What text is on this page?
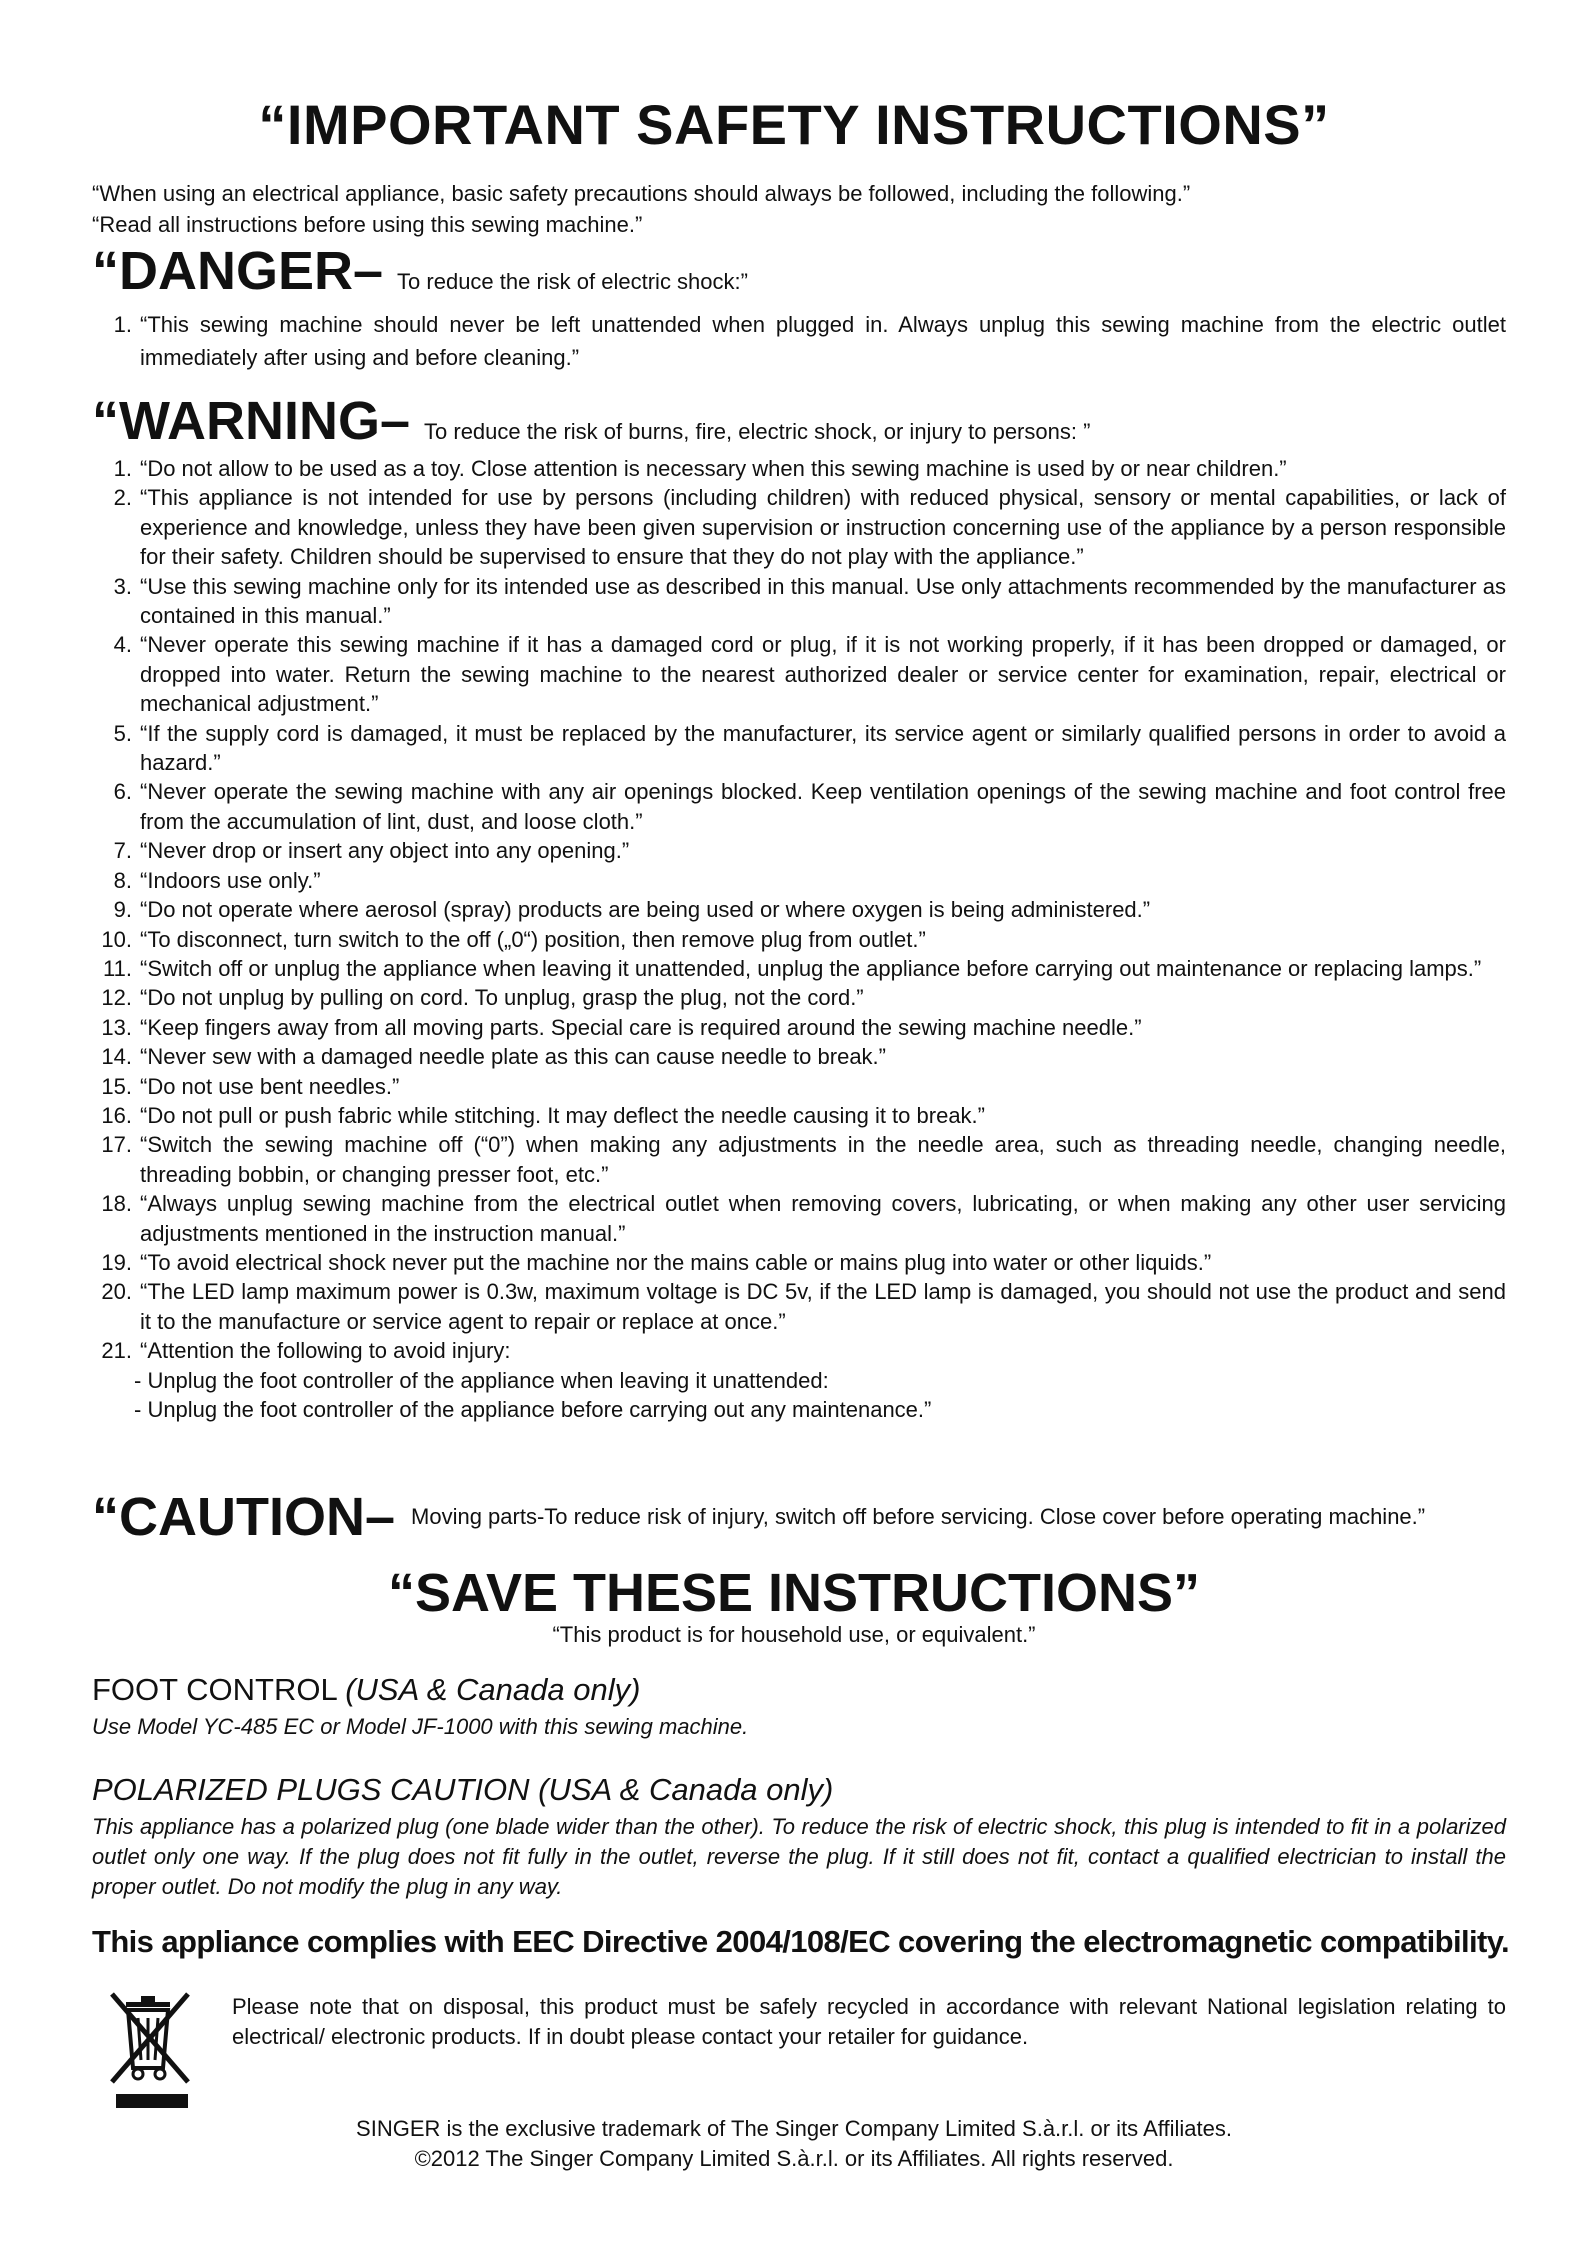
“IMPORTANT SAFETY INSTRUCTIONS”
“When using an electrical appliance, basic safety precautions should always be followed, including the following.”
“Read all instructions before using this sewing machine.”
“DANGER– To reduce the risk of electric shock:”
1. “This sewing machine should never be left unattended when plugged in. Always unplug this sewing machine from the electric outlet immediately after using and before cleaning.”
“WARNING– To reduce the risk of burns, fire, electric shock, or injury to persons: ”
1. “Do not allow to be used as a toy. Close attention is necessary when this sewing machine is used by or near children.”
2. “This appliance is not intended for use by persons (including children) with reduced physical, sensory or mental capabilities, or lack of experience and knowledge, unless they have been given supervision or instruction concerning use of the appliance by a person responsible for their safety. Children should be supervised to ensure that they do not play with the appliance.”
3. “Use this sewing machine only for its intended use as described in this manual. Use only attachments recommended by the manufacturer as contained in this manual.”
4. “Never operate this sewing machine if it has a damaged cord or plug, if it is not working properly, if it has been dropped or damaged, or dropped into water. Return the sewing machine to the nearest authorized dealer or service center for examination, repair, electrical or mechanical adjustment.”
5. “If the supply cord is damaged, it must be replaced by the manufacturer, its service agent or similarly qualified persons in order to avoid a hazard.”
6. “Never operate the sewing machine with any air openings blocked. Keep ventilation openings of the sewing machine and foot control free from the accumulation of lint, dust, and loose cloth.”
7. “Never drop or insert any object into any opening.”
8. “Indoors use only.”
9. “Do not operate where aerosol (spray) products are being used or where oxygen is being administered.”
10. “To disconnect, turn switch to the off („0“) position, then remove plug from outlet.”
11. “Switch off or unplug the appliance when leaving it unattended, unplug the appliance before carrying out maintenance or replacing lamps.”
12. “Do not unplug by pulling on cord. To unplug, grasp the plug, not the cord.”
13. “Keep fingers away from all moving parts. Special care is required around the sewing machine needle.”
14. “Never sew with a damaged needle plate as this can cause needle to break.”
15. “Do not use bent needles.”
16. “Do not pull or push fabric while stitching. It may deflect the needle causing it to break.”
17. “Switch the sewing machine off (“0”) when making any adjustments in the needle area, such as threading needle, changing needle, threading bobbin, or changing presser foot, etc.”
18. “Always unplug sewing machine from the electrical outlet when removing covers, lubricating, or when making any other user servicing adjustments mentioned in the instruction manual.”
19. “To avoid electrical shock never put the machine nor the mains cable or mains plug into water or other liquids.”
20. “The LED lamp maximum power is 0.3w, maximum voltage is DC 5v, if the LED lamp is damaged, you should not use the product and send it to the manufacture or service agent to repair or replace at once.”
21. “Attention the following to avoid injury:
- Unplug the foot controller of the appliance when leaving it unattended:
- Unplug the foot controller of the appliance before carrying out any maintenance.”
“CAUTION– Moving parts-To reduce risk of injury, switch off before servicing. Close cover before operating machine.”
“SAVE THESE INSTRUCTIONS”
“This product is for household use, or equivalent.”
FOOT CONTROL (USA & Canada only)
Use Model YC-485 EC or Model JF-1000 with this sewing machine.
POLARIZED PLUGS CAUTION (USA & Canada only)
This appliance has a polarized plug (one blade wider than the other). To reduce the risk of electric shock, this plug is intended to fit in a polarized outlet only one way. If the plug does not fit fully in the outlet, reverse the plug. If it still does not fit, contact a qualified electrician to install the proper outlet. Do not modify the plug in any way.
This appliance complies with EEC Directive 2004/108/EC covering the electromagnetic compatibility.
Please note that on disposal, this product must be safely recycled in accordance with relevant National legislation relating to electrical/ electronic products. If in doubt please contact your retailer for guidance.
SINGER is the exclusive trademark of The Singer Company Limited S.à.r.l. or its Affiliates.
©2012 The Singer Company Limited S.à.r.l. or its Affiliates. All rights reserved.
